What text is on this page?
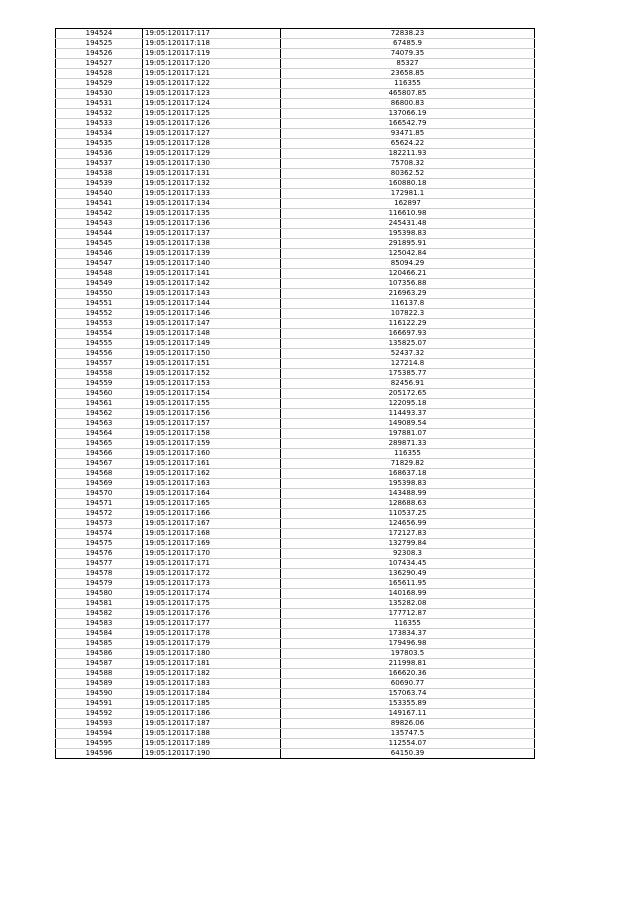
194524	19:05:120117:117	72838.23
194525	19:05:120117:118	67485.9
194526	19:05:120117:119	74079.35
194527	19:05:120117:120	85327
194528	19:05:120117:121	23658.85
194529	19:05:120117:122	116355
194530	19:05:120117:123	465807.85
194531	19:05:120117:124	86800.83
194532	19:05:120117:125	137066.19
194533	19:05:120117:126	166542.79
194534	19:05:120117:127	93471.85
194535	19:05:120117:128	65624.22
194536	19:05:120117:129	182211.93
194537	19:05:120117:130	75708.32
194538	19:05:120117:131	80362.52
194539	19:05:120117:132	160880.18
194540	19:05:120117:133	172981.1
194541	19:05:120117:134	162897
194542	19:05:120117:135	116610.98
194543	19:05:120117:136	245431.48
194544	19:05:120117:137	195398.83
194545	19:05:120117:138	291895.91
194546	19:05:120117:139	125042.84
194547	19:05:120117:140	85094.29
194548	19:05:120117:141	120466.21
194549	19:05:120117:142	107356.88
194550	19:05:120117:143	216963.29
194551	19:05:120117:144	116137.8
194552	19:05:120117:146	107822.3
194553	19:05:120117:147	116122.29
194554	19:05:120117:148	166697.93
194555	19:05:120117:149	135825.07
194556	19:05:120117:150	52437.32
194557	19:05:120117:151	127214.8
194558	19:05:120117:152	175385.77
194559	19:05:120117:153	82456.91
194560	19:05:120117:154	205172.65
194561	19:05:120117:155	122095.18
194562	19:05:120117:156	114493.37
194563	19:05:120117:157	149089.54
194564	19:05:120117:158	197881.07
194565	19:05:120117:159	289871.33
194566	19:05:120117:160	116355
194567	19:05:120117:161	71829.82
194568	19:05:120117:162	168637.18
194569	19:05:120117:163	195398.83
194570	19:05:120117:164	143488.99
194571	19:05:120117:165	128688.63
194572	19:05:120117:166	110537.25
194573	19:05:120117:167	124656.99
194574	19:05:120117:168	172127.83
194575	19:05:120117:169	132799.84
194576	19:05:120117:170	92308.3
194577	19:05:120117:171	107434.45
194578	19:05:120117:172	136290.49
194579	19:05:120117:173	165611.95
194580	19:05:120117:174	140168.99
194581	19:05:120117:175	135282.08
194582	19:05:120117:176	177712.87
194583	19:05:120117:177	116355
194584	19:05:120117:178	173834.37
194585	19:05:120117:179	179496.98
194586	19:05:120117:180	197803.5
194587	19:05:120117:181	211998.81
194588	19:05:120117:182	166620.36
194589	19:05:120117:183	60690.77
194590	19:05:120117:184	157063.74
194591	19:05:120117:185	153355.89
194592	19:05:120117:186	149167.11
194593	19:05:120117:187	89826.06
194594	19:05:120117:188	135747.5
194595	19:05:120117:189	112554.07
194596	19:05:120117:190	64150.39
